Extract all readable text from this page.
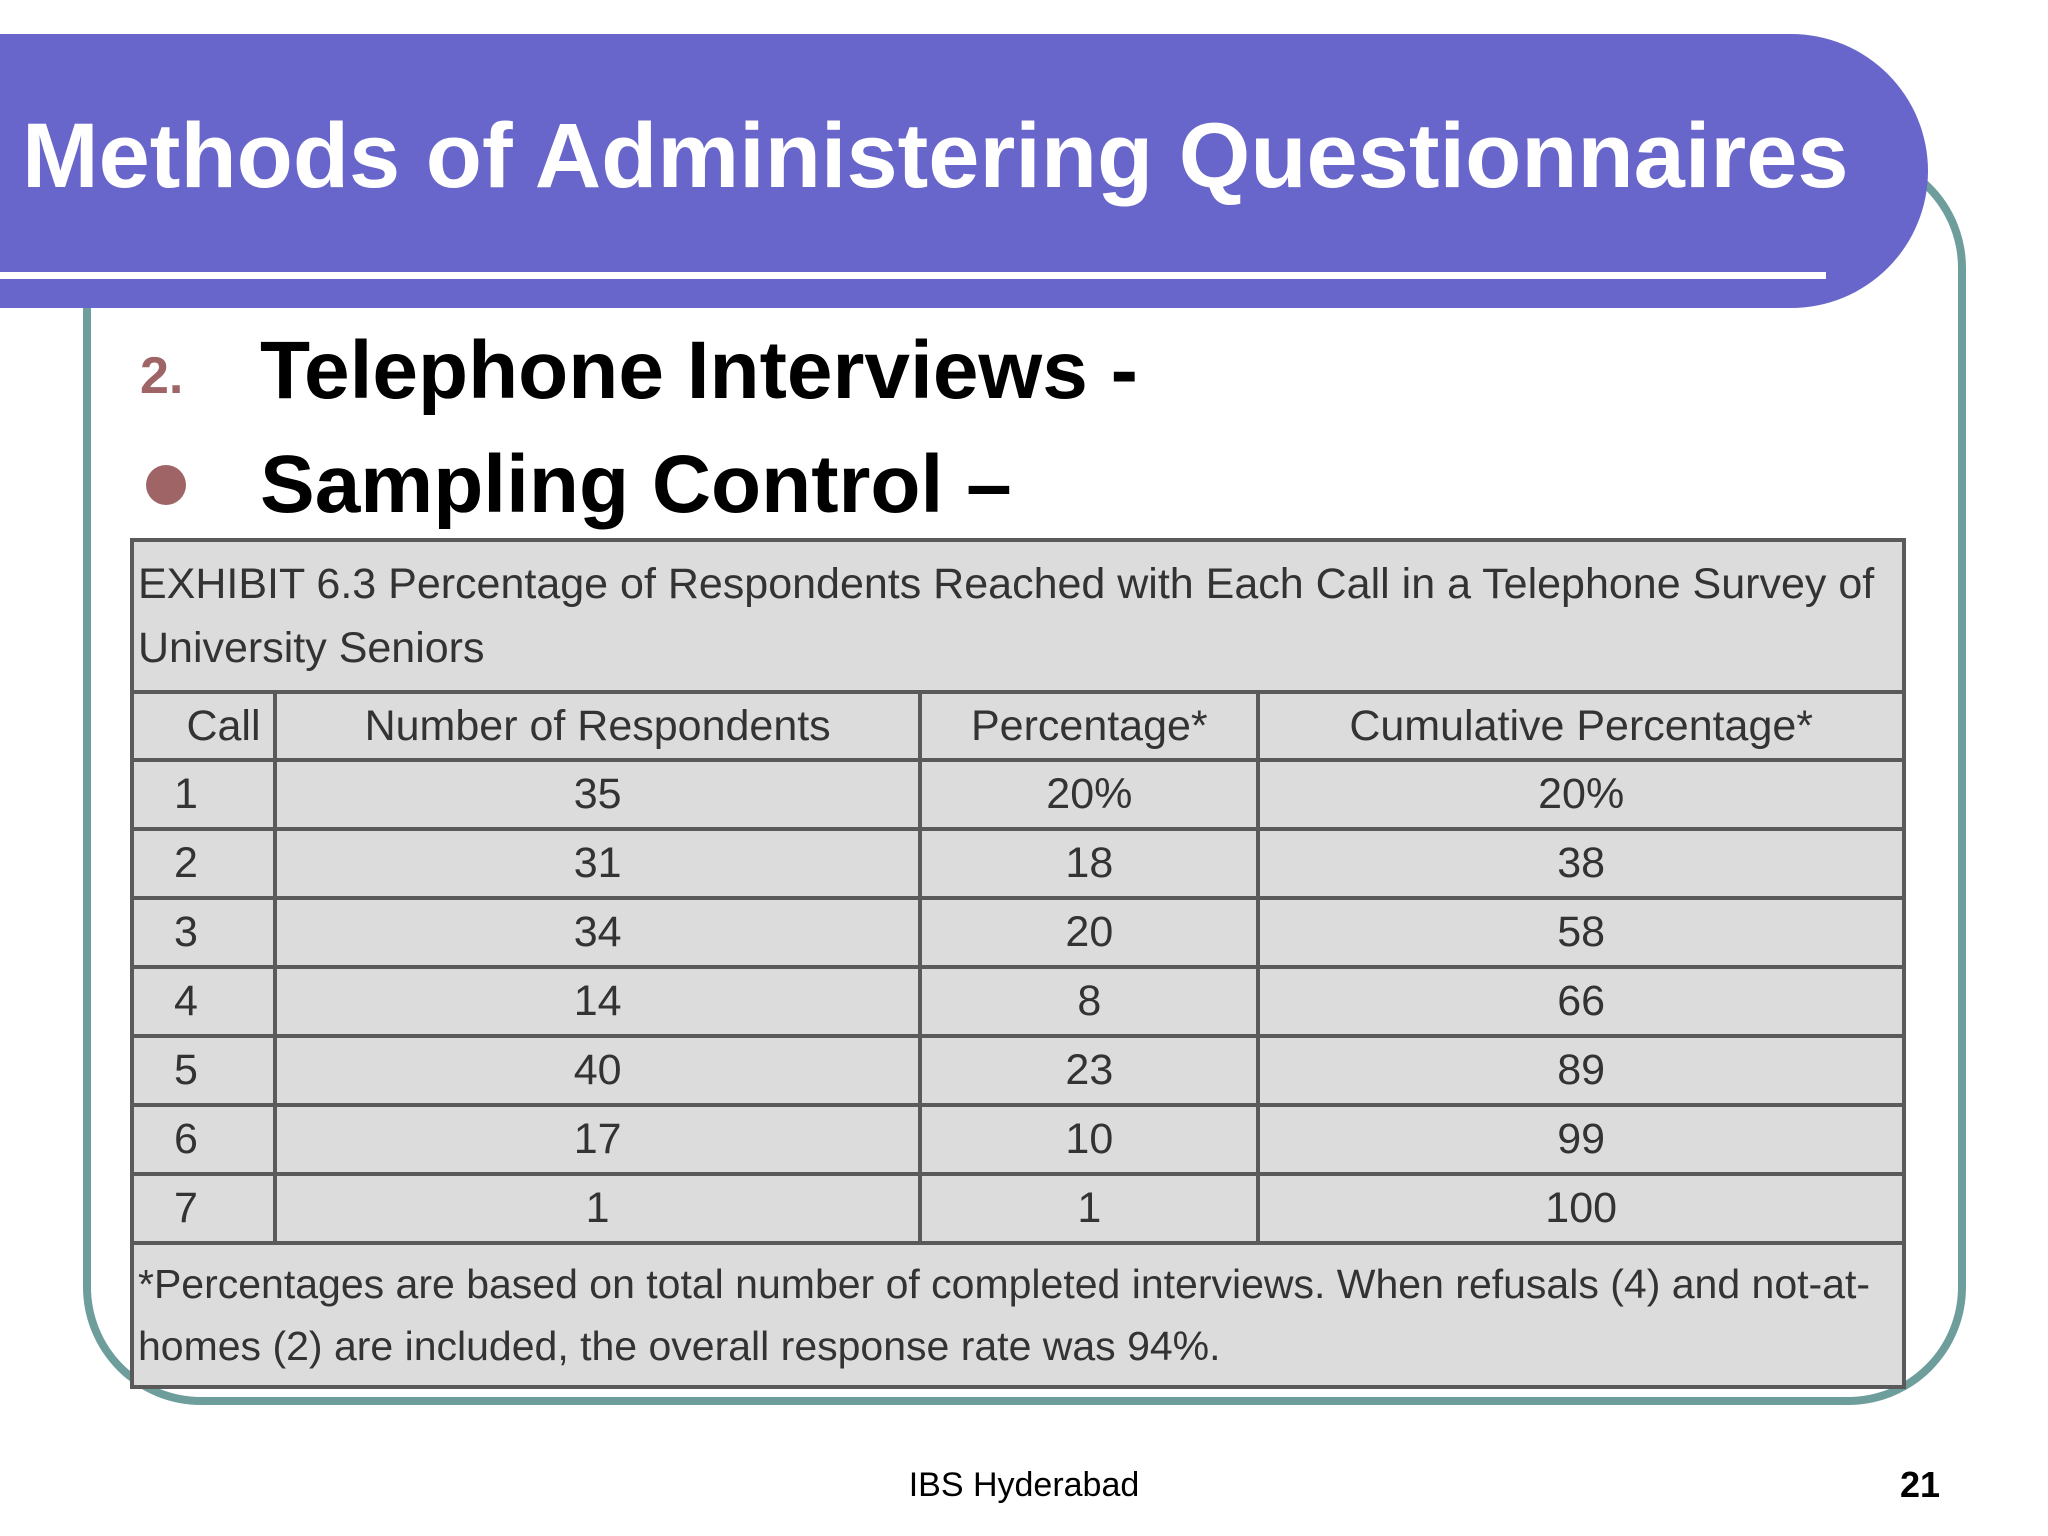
Methods of Administering Questionnaires
2. Telephone Interviews -
Sampling Control –
EXHIBIT 6.3 Percentage of Respondents Reached with Each Call in a Telephone Survey of University Seniors			
Call	Number of Respondents	Percentage*	Cumulative Percentage*
1	35	20%	20%
2	31	18	38
3	34	20	58
4	14	8	66
5	40	23	89
6	17	10	99
7	1	1	100
*Percentages are based on total number of completed interviews. When refusals (4) and not-at-homes (2) are included, the overall response rate was 94%.			
IBS Hyderabad	21
